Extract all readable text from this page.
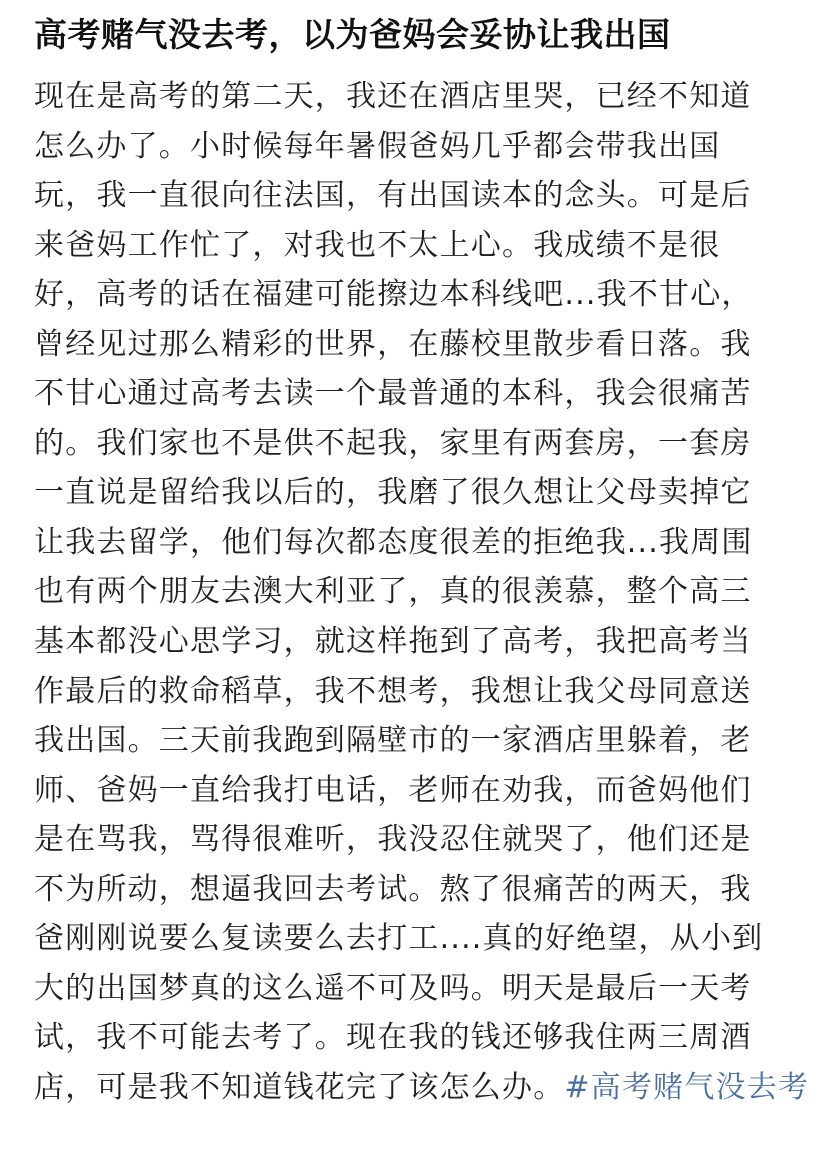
高考赌气没去考，以为爸妈会妥协让我出国
现在是高考的第二天，我还在酒店里哭，已经不知道
怎么办了。小时候每年暑假爸妈几乎都会带我出国
玩，我一直很向往法国，有出国读本的念头。可是后
来爸妈工作忙了，对我也不太上心。我成绩不是很
好，高考的话在福建可能擦边本科线吧...我不甘心，
曾经见过那么精彩的世界，在藤校里散步看日落。我
不甘心通过高考去读一个最普通的本科，我会很痛苦
的。我们家也不是供不起我，家里有两套房，一套房
一直说是留给我以后的，我磨了很久想让父母卖掉它
让我去留学，他们每次都态度很差的拒绝我...我周围
也有两个朋友去澳大利亚了，真的很羡慕，整个高三
基本都没心思学习，就这样拖到了高考，我把高考当
作最后的救命稻草，我不想考，我想让我父母同意送
我出国。三天前我跑到隔壁市的一家酒店里躲着，老
师、爸妈一直给我打电话，老师在劝我，而爸妈他们
是在骂我，骂得很难听，我没忍住就哭了，他们还是
不为所动，想逼我回去考试。熬了很痛苦的两天，我
爸刚刚说要么复读要么去打工....真的好绝望，从小到
大的出国梦真的这么遥不可及吗。明天是最后一天考
试，我不可能去考了。现在我的钱还够我住两三周酒
店，可是我不知道钱花完了该怎么办。#高考赌气没去考
